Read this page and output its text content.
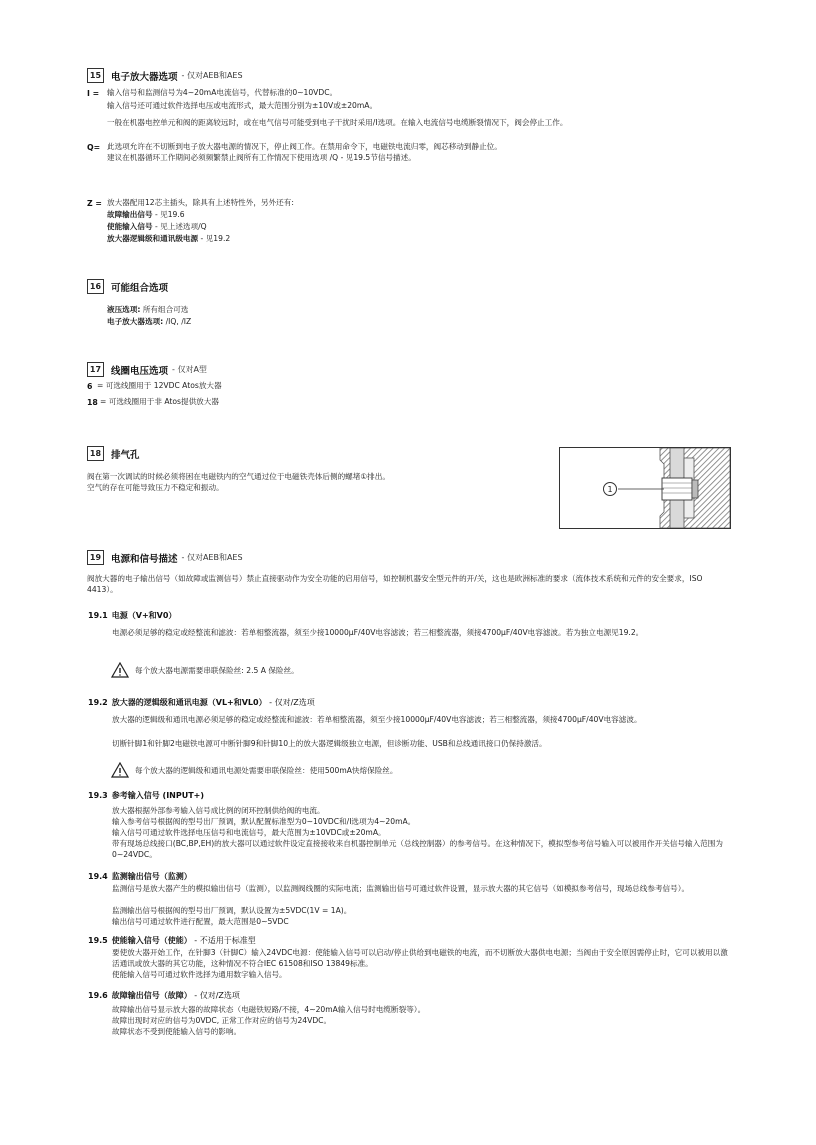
15	电子放大器选项 - 仅对AEB和AES
I = 输入信号和监测信号为4~20mA电流信号，代替标准的0~10VDC。
输入信号还可通过软件选择电压或电流形式，最大范围分别为±10V或±20mA。
一般在机器电控单元和阀的距离较远时，或在电气信号可能受到电子干扰时采用/I选项。在输入电流信号电缆断裂情况下，阀会停止工作。
Q= 此选项允许在不切断到电子放大器电源的情况下，停止阀工作。在禁用命令下，电磁铁电流归零，阀芯移动到静止位。
建议在机器循环工作期间必须频繁禁止阀所有工作情况下使用选项 /Q - 见19.5节信号描述。
Z = 放大器配用12芯主插头，除具有上述特性外，另外还有:
故障输出信号 - 见19.6
使能输入信号 - 见上述选项/Q
放大器逻辑级和通讯级电源 - 见19.2
16	可能组合选项
液压选项: 所有组合可选
电子放大器选项: /IQ, /IZ
17	线圈电压选项 - 仅对A型
6 = 可选线圈用于 12VDC Atos放大器
18 = 可选线圈用于非 Atos提供放大器
18	排气孔
阀在第一次调试的时候必须将困在电磁铁内的空气通过位于电磁铁壳体后侧的螺堵①排出。
空气的存在可能导致压力不稳定和振动。	1
19	电源和信号描述 - 仅对AEB和AES
阀放大器的电子输出信号（如故障或监测信号）禁止直接驱动作为安全功能的启用信号，如控制机器安全型元件的开/关，这也是欧洲标准的要求（流体技术系统和元件的安全要求，ISO 4413）。
19.1 电源（V+和V0）
电源必须足够的稳定或经整流和滤波：若单相整流器，须至少接10000μF/40V电容滤波；若三相整流器，须接4700μF/40V电容滤波。若为独立电源见19.2。
每个放大器电源需要串联保险丝: 2.5 A 保险丝。
19.2 放大器的逻辑级和通讯电源（VL+和VL0） - 仅对/Z选项
放大器的逻辑级和通讯电源必须足够的稳定或经整流和滤波：若单相整流器，须至少接10000μF/40V电容滤波；若三相整流器，须接4700μF/40V电容滤波。
切断针脚1和针脚2电磁铁电源可中断针脚9和针脚10上的放大器逻辑级独立电源，但诊断功能、USB和总线通讯接口仍保持激活。
每个放大器的逻辑级和通讯电源处需要串联保险丝：使用500mA快熔保险丝。
19.3 参考输入信号 (INPUT+)
放大器根据外部参考输入信号成比例的闭环控制供给阀的电流。
输入参考信号根据阀的型号出厂预调，默认配置标准型为0~10VDC和/I选项为4~20mA。
输入信号可通过软件选择电压信号和电流信号，最大范围为±10VDC或±20mA。
带有现场总线接口(BC,BP,EH)的放大器可以通过软件设定直接接收来自机器控制单元（总线控制器）的参考信号。在这种情况下，模拟型参考信号输入可以被用作开关信号输入范围为0~24VDC。
19.4 监测输出信号（监测）
监测信号是放大器产生的模拟输出信号（监测），以监测阀线圈的实际电流；监测输出信号可通过软件设置，显示放大器的其它信号（如模拟参考信号，现场总线参考信号）。
监测输出信号根据阀的型号出厂预调，默认设置为±5VDC(1V = 1A)。
输出信号可通过软件进行配置，最大范围是0~5VDC
19.5 使能输入信号（使能） - 不适用于标准型
要使放大器开始工作，在针脚3（针脚C）输入24VDC电源：使能输入信号可以启动/停止供给到电磁铁的电流，而不切断放大器供电电源；当阀由于安全原因需停止时，它可以被用以激活通讯或放大器的其它功能，这种情况不符合IEC 61508和ISO 13849标准。
使能输入信号可通过软件选择为通用数字输入信号。
19.6 故障输出信号（故障） - 仅对/Z选项
故障输出信号显示放大器的故障状态（电磁铁短路/不接，4~20mA输入信号时电缆断裂等）。
故障出现时对应的信号为0VDC, 正常工作对应的信号为24VDC。
故障状态不受到使能输入信号的影响。
